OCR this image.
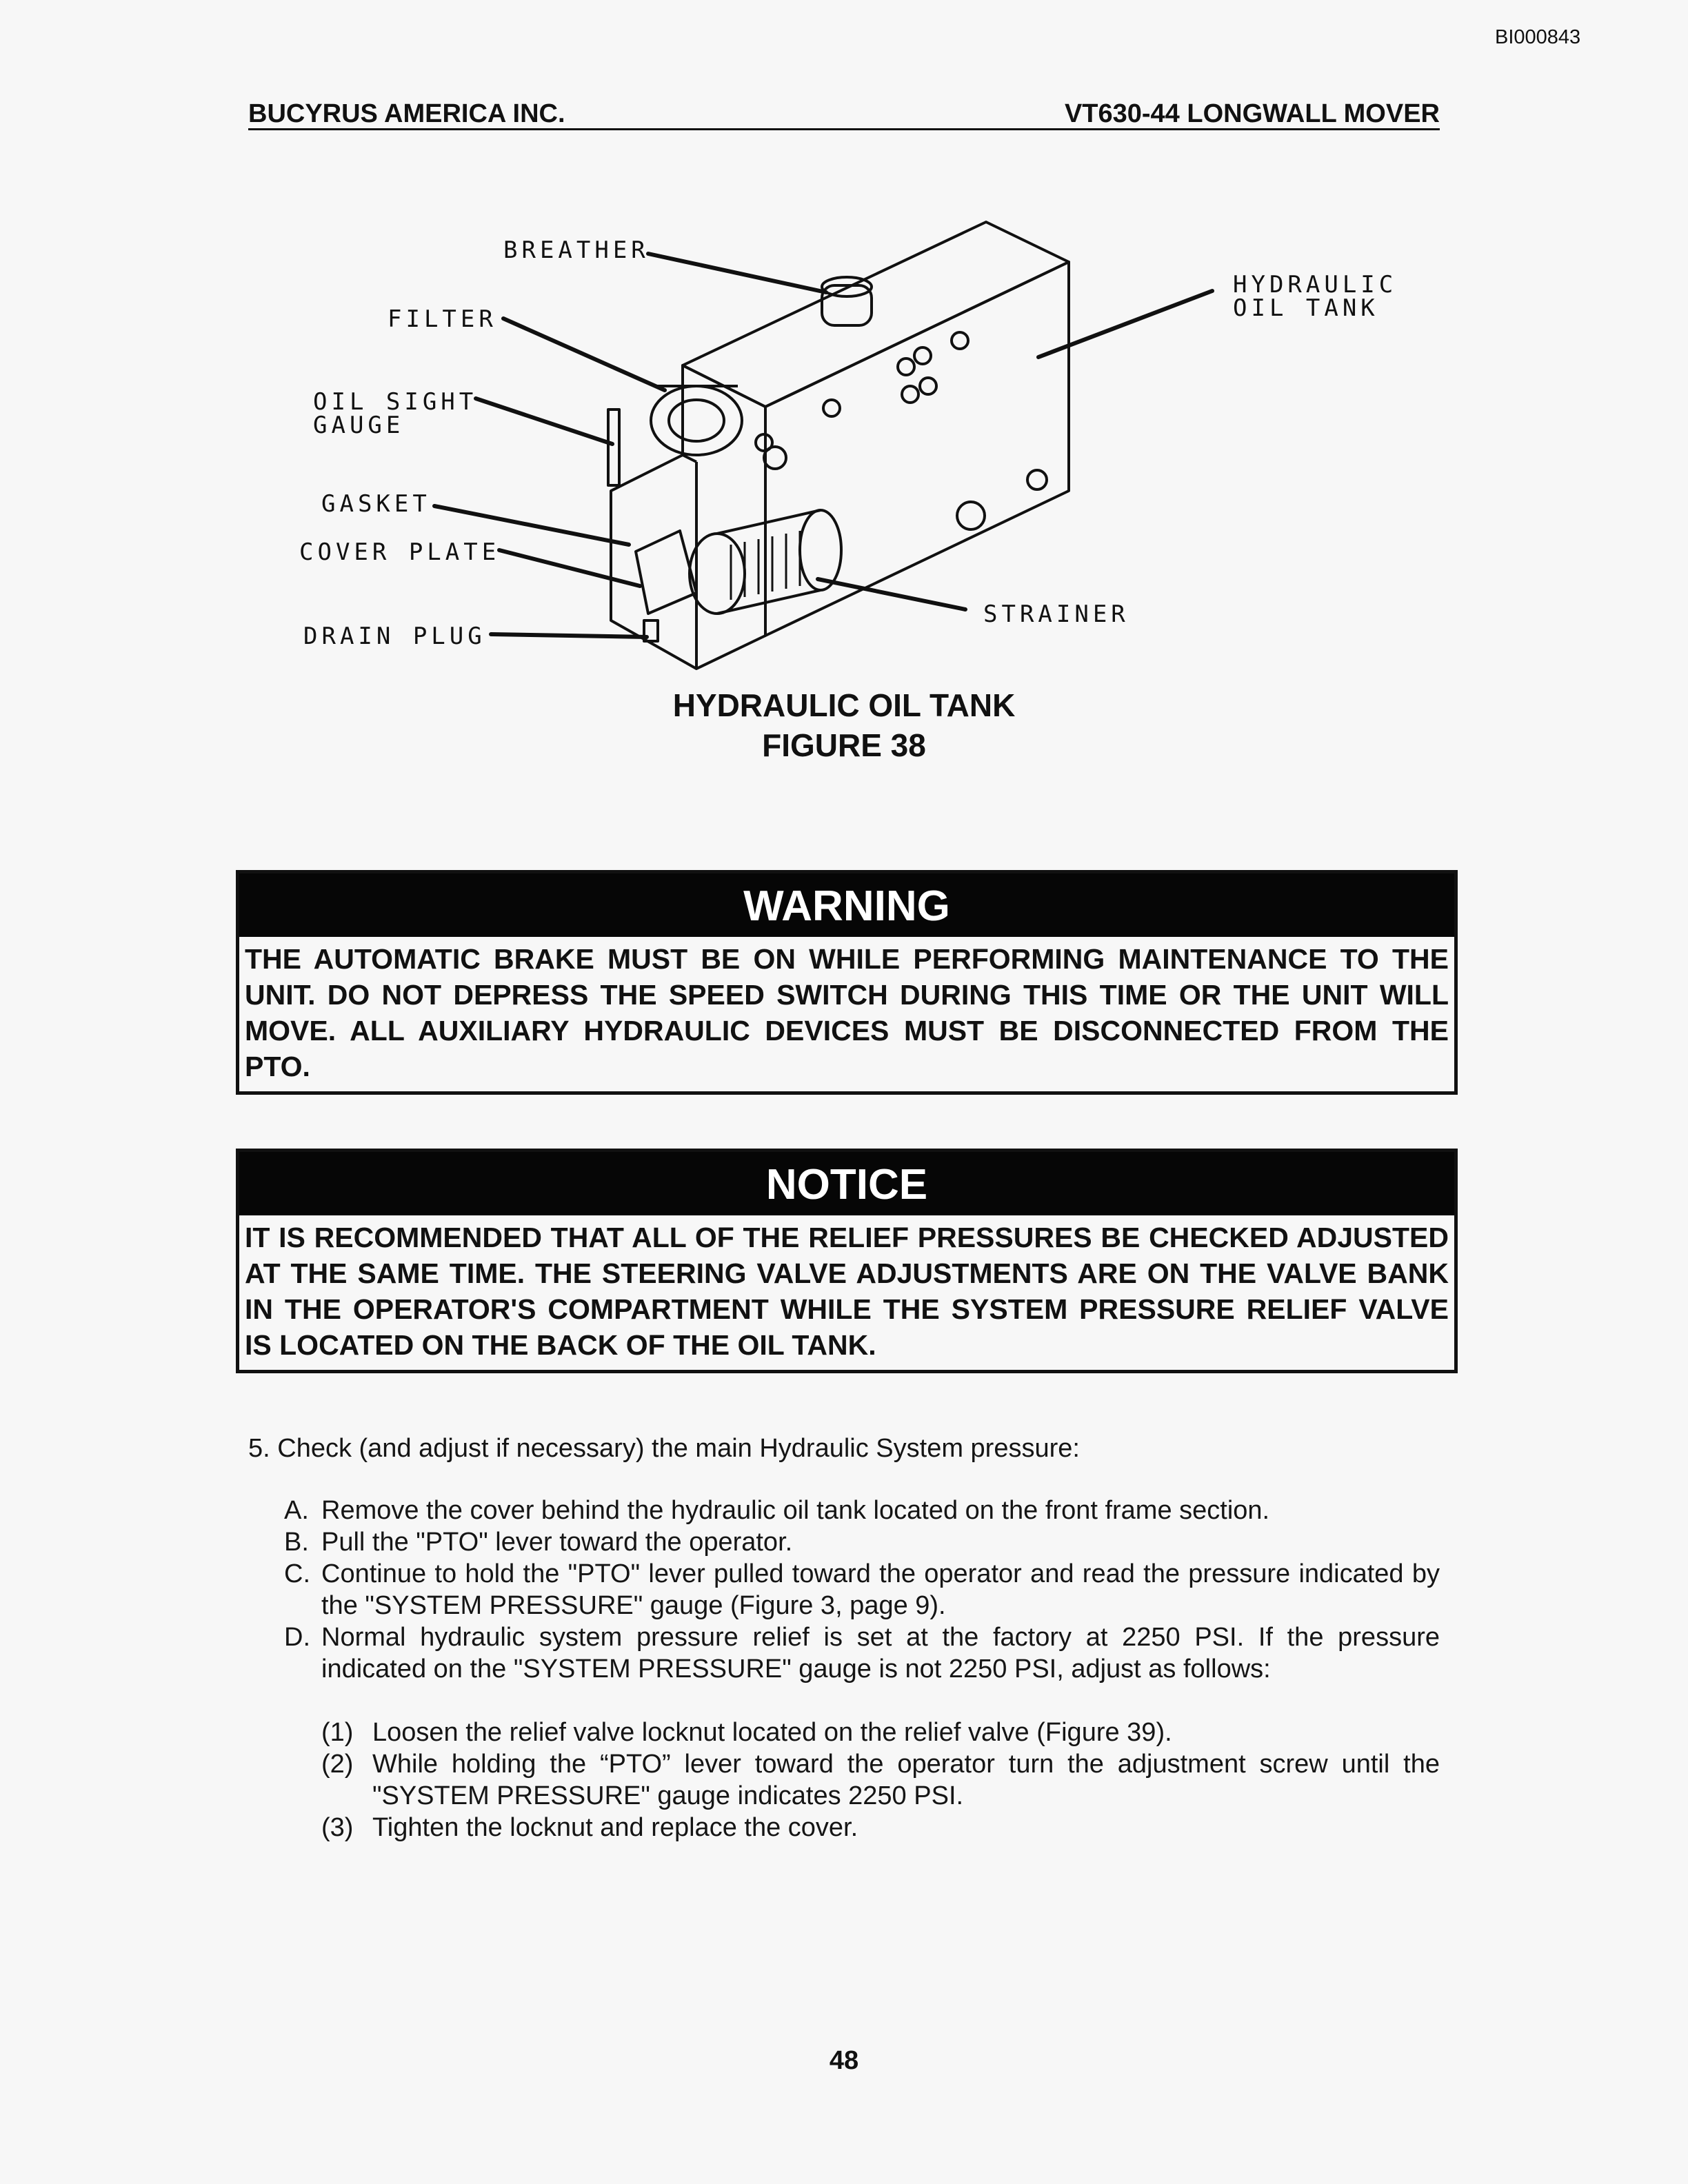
BI000843
BUCYRUS AMERICA INC.	VT630-44 LONGWALL MOVER
BREATHER
FILTER
OIL SIGHT
GAUGE
GASKET
COVER PLATE
DRAIN PLUG
HYDRAULIC
OIL TANK
STRAINER
HYDRAULIC OIL TANK
FIGURE 38
WARNING
THE AUTOMATIC BRAKE MUST BE ON WHILE PERFORMING MAINTENANCE TO THE UNIT. DO NOT DEPRESS THE SPEED SWITCH DURING THIS TIME OR THE UNIT WILL MOVE. ALL AUXILIARY HYDRAULIC DEVICES MUST BE DISCONNECTED FROM THE PTO.
NOTICE
IT IS RECOMMENDED THAT ALL OF THE RELIEF PRESSURES BE CHECKED ADJUSTED AT THE SAME TIME. THE STEERING VALVE ADJUSTMENTS ARE ON THE VALVE BANK IN THE OPERATOR'S COMPARTMENT WHILE THE SYSTEM PRESSURE RELIEF VALVE IS LOCATED ON THE BACK OF THE OIL TANK.
5. Check (and adjust if necessary) the main Hydraulic System pressure:
A. Remove the cover behind the hydraulic oil tank located on the front frame section.
B. Pull the "PTO" lever toward the operator.
C. Continue to hold the "PTO" lever pulled toward the operator and read the pressure indicated by the "SYSTEM PRESSURE" gauge (Figure 3, page 9).
D. Normal hydraulic system pressure relief is set at the factory at 2250 PSI. If the pressure indicated on the "SYSTEM PRESSURE" gauge is not 2250 PSI, adjust as follows:
(1) Loosen the relief valve locknut located on the relief valve (Figure 39).
(2) While holding the “PTO” lever toward the operator turn the adjustment screw until the "SYSTEM PRESSURE" gauge indicates 2250 PSI.
(3) Tighten the locknut and replace the cover.
48
